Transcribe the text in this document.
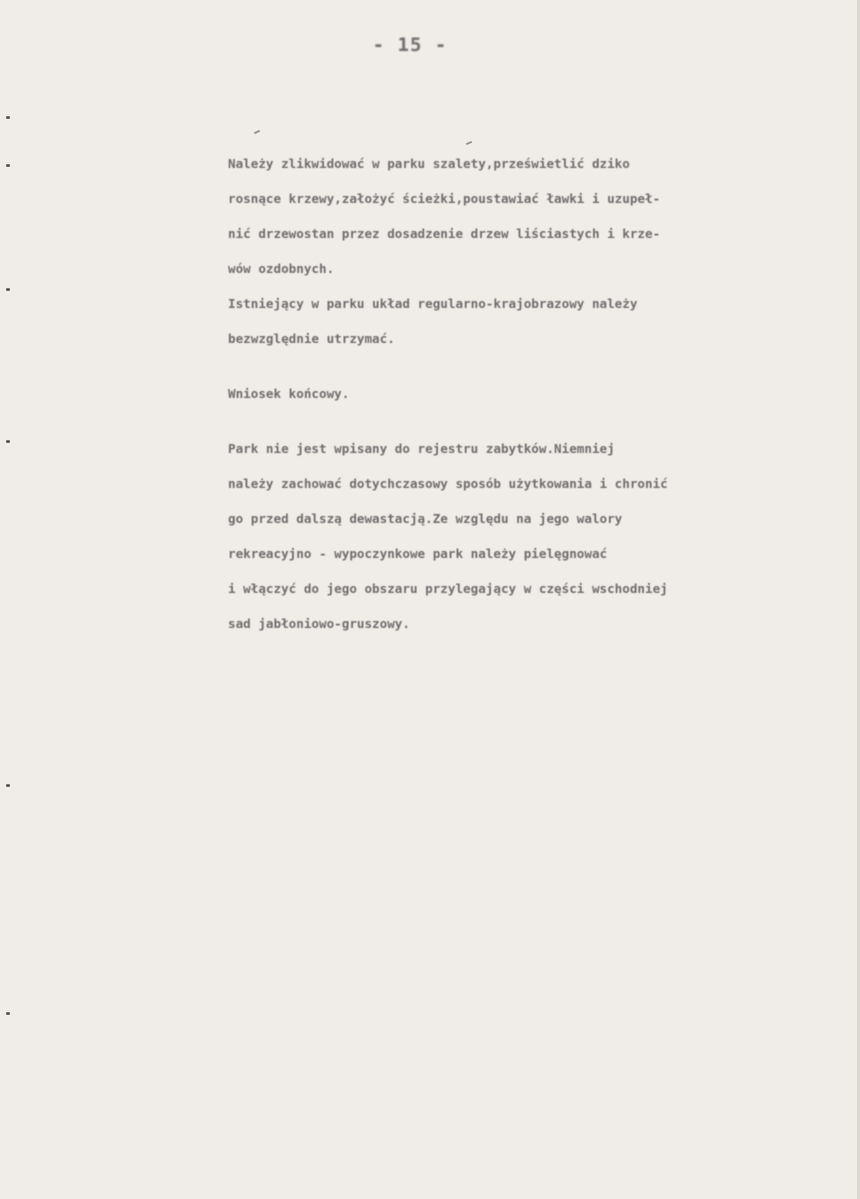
- 15 -

Należy zlikwidować w parku szalety,prześwietlić dziko

rosnące krzewy,założyć ścieżki,poustawiać ławki i uzupeł-

nić drzewostan przez dosadzenie drzew liściastych i krze-

wów ozdobnych.

Istniejący w parku układ regularno-krajobrazowy należy

bezwzględnie utrzymać.

Wniosek końcowy.

Park nie jest wpisany do rejestru zabytków.Niemniej

należy zachować dotychczasowy sposób użytkowania i chronić

go przed dalszą dewastacją.Ze względu na jego walory

rekreacyjno - wypoczynkowe park należy pielęgnować

i włączyć do jego obszaru przylegający w części wschodniej

sad jabłoniowo-gruszowy.
